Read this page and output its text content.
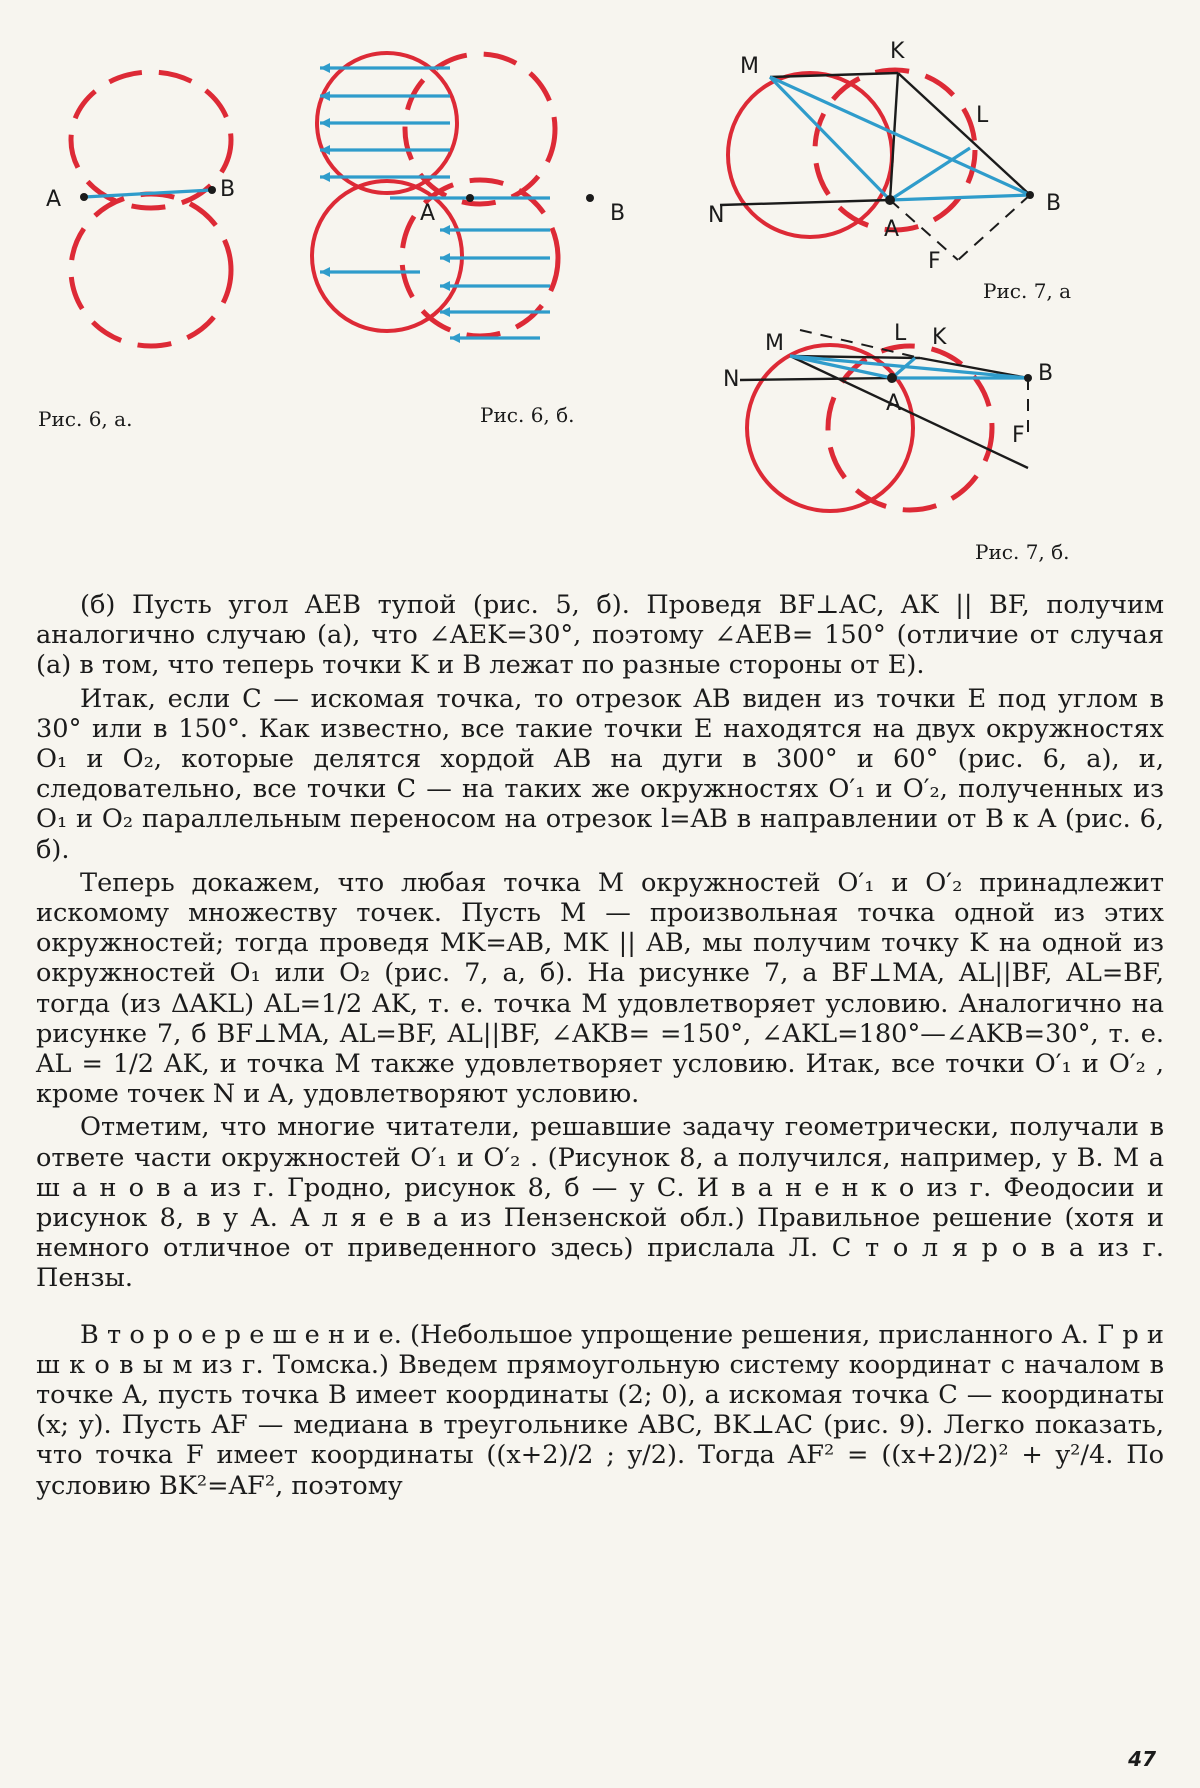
A	B
Рис. 6, а.
A	B
Рис. 6, б.
M
K
L
N
A
B
F
Рис. 7, а
M	L K
N
A
B
F
Рис. 7, б.

(б) Пусть угол AEB тупой (рис. 5, б). Проведя BF⊥AC, AK || BF, получим аналогично случаю (а), что ∠AEK=30°, поэтому ∠AEB= 150° (отличие от случая (а) в том, что теперь точки K и B лежат по разные стороны от E).

Итак, если C — искомая точка, то отрезок AB виден из точки E под углом в 30° или в 150°. Как известно, все такие точки E находятся на двух окружностях O₁ и O₂, которые делятся хордой AB на дуги в 300° и 60° (рис. 6, а), и, следовательно, все точки C — на таких же окружностях O′₁ и O′₂, полученных из O₁ и O₂ параллельным переносом на отрезок l=AB в направлении от B к A (рис. 6, б).

Теперь докажем, что любая точка M окружностей O′₁ и O′₂ принадлежит искомому множеству точек. Пусть M — произвольная точка одной из этих окружностей; тогда проведя MK=AB, MK || AB, мы получим точку K на одной из окружностей O₁ или O₂ (рис. 7, а, б). На рисунке 7, а BF⊥MA, AL||BF, AL=BF, тогда (из ΔAKL) AL=1/2 AK, т. е. точка M удовлетворяет условию. Аналогично на рисунке 7, б BF⊥MA, AL=BF, AL||BF, ∠AKB= =150°, ∠AKL=180°—∠AKB=30°, т. е. AL = 1/2 AK, и точка M также удовлетворяет условию. Итак, все точки O′₁ и O′₂ , кроме точек N и A, удовлетворяют условию.

Отметим, что многие читатели, решавшие задачу геометрически, получали в ответе части окружностей O′₁ и O′₂ . (Рисунок 8, а получился, например, у В. М а ш а н о в а из г. Гродно, рисунок 8, б — у С. И в а н е н к о из г. Феодосии и рисунок 8, в у А. А л я е в а из Пензенской обл.) Правильное решение (хотя и немного отличное от приведенного здесь) прислала Л. С т о л я р о в а из г. Пензы.

В т о р о е р е ш е н и е. (Небольшое упрощение решения, присланного А. Г р и ш к о в ы м из г. Томска.) Введем прямоугольную систему координат с началом в точке A, пусть точка B имеет координаты (2; 0), а искомая точка C — координаты (x; y). Пусть AF — медиана в треугольнике ABC, BK⊥AC (рис. 9). Легко показать, что точка F имеет координаты ((x+2)/2 ; y/2). Тогда AF² = ((x+2)/2)² + y²/4. По условию BK²=AF², поэтому

47
